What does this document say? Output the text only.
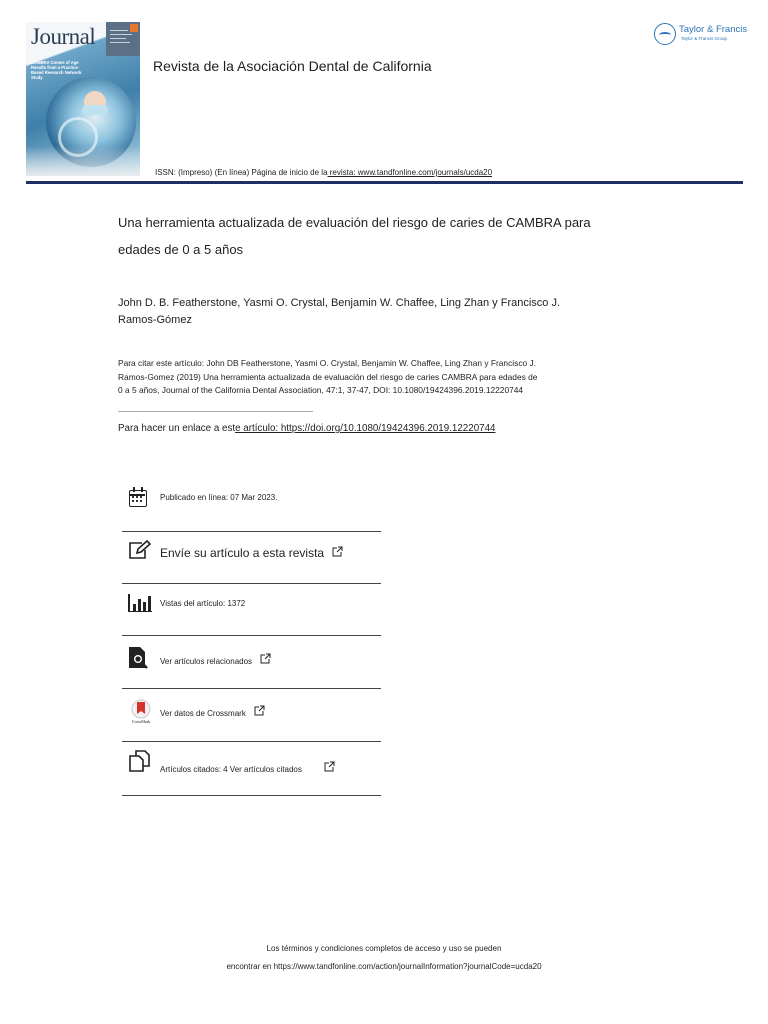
Journal
CAMBRA Comes of Age Results from a Practice-Based Research Network Study
Revista de la Asociación Dental de California
ISSN: (Impreso) (En línea) Página de inicio de la revista: www.tandfonline.com/journals/ucda20
Taylor & Francis
Taylor & Francis Group
Una herramienta actualizada de evaluación del riesgo de caries de CAMBRA para
edades de 0 a 5 años
John D. B. Featherstone, Yasmi O. Crystal, Benjamin W. Chaffee, Ling Zhan y Francisco J.
Ramos-Gómez
Para citar este artículo: John DB Featherstone, Yasmi O. Crystal, Benjamin W. Chaffee, Ling Zhan y Francisco J.
Ramos-Gomez (2019) Una herramienta actualizada de evaluación del riesgo de caries CAMBRA para edades de
0 a 5 años, Journal of the California Dental Association, 47:1, 37-47, DOI: 10.1080/19424396.2019.12220744
Para hacer un enlace a este artículo: https://doi.org/10.1080/19424396.2019.12220744
Publicado en línea: 07 Mar 2023.
Envíe su artículo a esta revista
Vistas del artículo: 1372
Ver artículos relacionados
CrossMark
Ver datos de Crossmark
Artículos citados: 4 Ver artículos citados
Los términos y condiciones completos de acceso y uso se pueden
encontrar en https://www.tandfonline.com/action/journalInformation?journalCode=ucda20
